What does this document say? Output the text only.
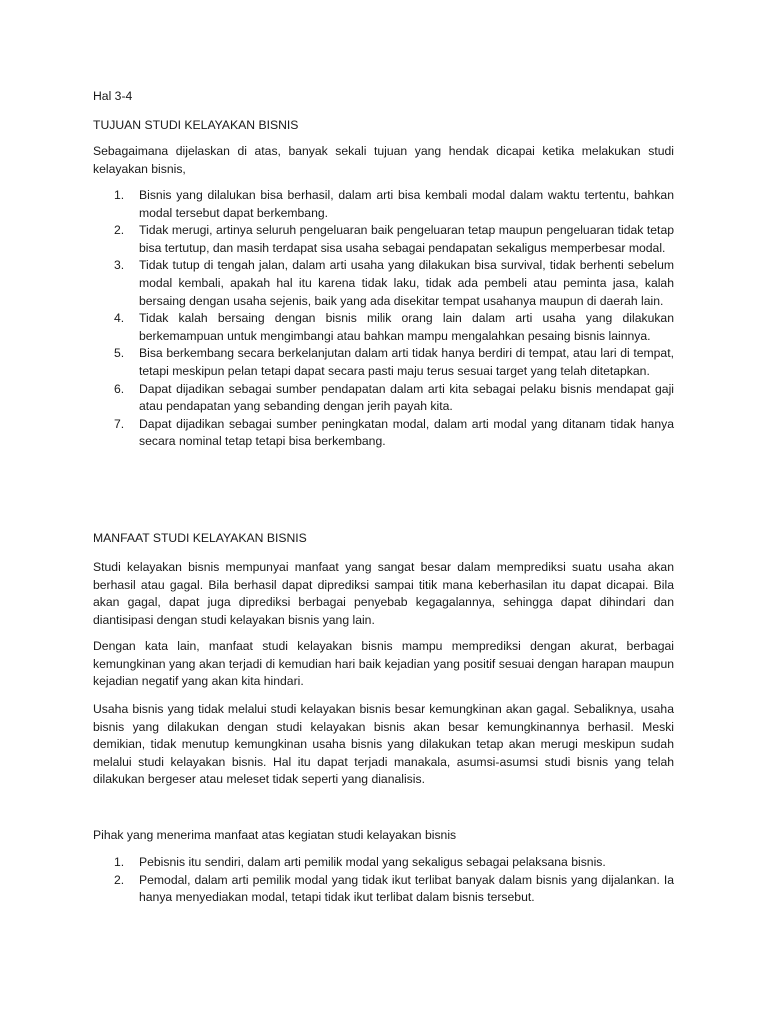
Hal 3-4

TUJUAN STUDI KELAYAKAN BISNIS

Sebagaimana dijelaskan di atas, banyak sekali tujuan yang hendak dicapai ketika melakukan studi kelayakan bisnis,

1. Bisnis yang dilalukan bisa berhasil, dalam arti bisa kembali modal dalam waktu tertentu, bahkan modal tersebut dapat berkembang.
2. Tidak merugi, artinya seluruh pengeluaran baik pengeluaran tetap maupun pengeluaran tidak tetap bisa tertutup, dan masih terdapat sisa usaha sebagai pendapatan sekaligus memperbesar modal.
3. Tidak tutup di tengah jalan, dalam arti usaha yang dilakukan bisa survival, tidak berhenti sebelum modal kembali, apakah hal itu karena tidak laku, tidak ada pembeli atau peminta jasa, kalah bersaing dengan usaha sejenis, baik yang ada disekitar tempat usahanya maupun di daerah lain.
4. Tidak kalah bersaing dengan bisnis milik orang lain dalam arti usaha yang dilakukan berkemampuan untuk mengimbangi atau bahkan mampu mengalahkan pesaing bisnis lainnya.
5. Bisa berkembang secara berkelanjutan dalam arti tidak hanya berdiri di tempat, atau lari di tempat, tetapi meskipun pelan tetapi dapat secara pasti maju terus sesuai target yang telah ditetapkan.
6. Dapat dijadikan sebagai sumber pendapatan dalam arti kita sebagai pelaku bisnis mendapat gaji atau pendapatan yang sebanding dengan jerih payah kita.
7. Dapat dijadikan sebagai sumber peningkatan modal, dalam arti modal yang ditanam tidak hanya secara nominal tetap tetapi bisa berkembang.

MANFAAT STUDI KELAYAKAN BISNIS

Studi kelayakan bisnis mempunyai manfaat yang sangat besar dalam memprediksi suatu usaha akan berhasil atau gagal. Bila berhasil dapat diprediksi sampai titik mana keberhasilan itu dapat dicapai. Bila akan gagal, dapat juga diprediksi berbagai penyebab kegagalannya, sehingga dapat dihindari dan diantisipasi dengan studi kelayakan bisnis yang lain.

Dengan kata lain, manfaat studi kelayakan bisnis mampu memprediksi dengan akurat, berbagai kemungkinan yang akan terjadi di kemudian hari baik kejadian yang positif sesuai dengan harapan maupun kejadian negatif yang akan kita hindari.

Usaha bisnis yang tidak melalui studi kelayakan bisnis besar kemungkinan akan gagal. Sebaliknya, usaha bisnis yang dilakukan dengan studi kelayakan bisnis akan besar kemungkinannya berhasil. Meski demikian, tidak menutup kemungkinan usaha bisnis yang dilakukan tetap akan merugi meskipun sudah melalui studi kelayakan bisnis. Hal itu dapat terjadi manakala, asumsi-asumsi studi bisnis yang telah dilakukan bergeser atau meleset tidak seperti yang dianalisis.

Pihak yang menerima manfaat atas kegiatan studi kelayakan bisnis

1. Pebisnis itu sendiri, dalam arti pemilik modal yang sekaligus sebagai pelaksana bisnis.
2. Pemodal, dalam arti pemilik modal yang tidak ikut terlibat banyak dalam bisnis yang dijalankan. Ia hanya menyediakan modal, tetapi tidak ikut terlibat dalam bisnis tersebut.
